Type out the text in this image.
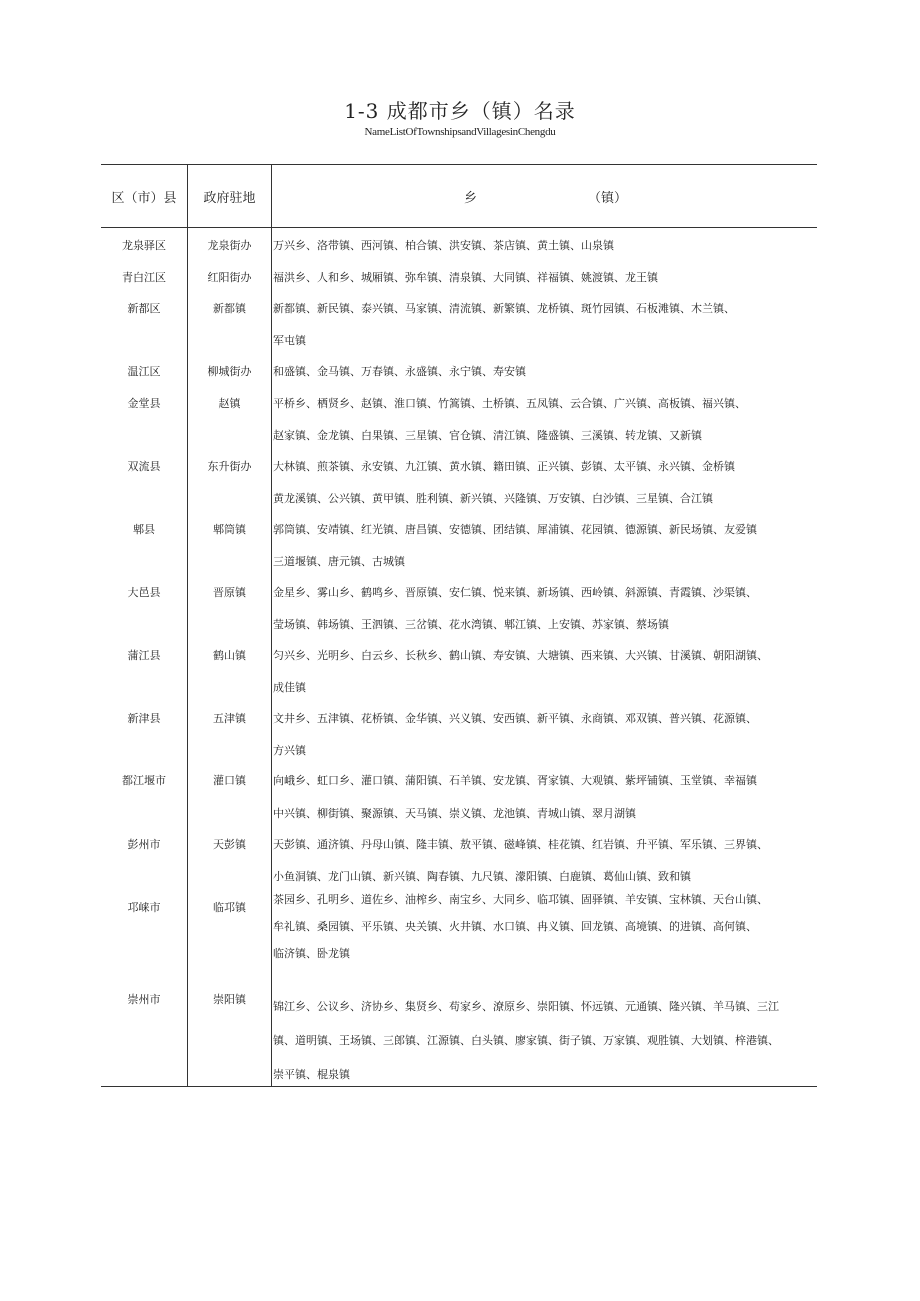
1-3 成都市乡（镇）名录
NameListOfTownshipsandVillagesinChengdu
区（市）县	政府驻地	乡	（镇）
龙泉驿区	龙泉街办	万兴乡、洛带镇、西河镇、柏合镇、洪安镇、茶店镇、黄土镇、山泉镇
青白江区	红阳街办	福洪乡、人和乡、城厢镇、弥牟镇、清泉镇、大同镇、祥福镇、姚渡镇、龙王镇
新都区	新都镇	新都镇、新民镇、泰兴镇、马家镇、清流镇、新繁镇、龙桥镇、斑竹园镇、石板滩镇、木兰镇、
军屯镇
温江区	柳城街办	和盛镇、金马镇、万春镇、永盛镇、永宁镇、寿安镇
金堂县	赵镇	平桥乡、栖贤乡、赵镇、淮口镇、竹篙镇、土桥镇、五凤镇、云合镇、广兴镇、高板镇、福兴镇、
赵家镇、金龙镇、白果镇、三星镇、官仓镇、清江镇、隆盛镇、三溪镇、转龙镇、又新镇
双流县	东升街办	大林镇、煎茶镇、永安镇、九江镇、黄水镇、籍田镇、正兴镇、彭镇、太平镇、永兴镇、金桥镇
黄龙溪镇、公兴镇、黄甲镇、胜利镇、新兴镇、兴隆镇、万安镇、白沙镇、三星镇、合江镇
郫县	郫筒镇	郭筒镇、安靖镇、红光镇、唐昌镇、安德镇、团结镇、犀浦镇、花园镇、德源镇、新民场镇、友爱镇
三道堰镇、唐元镇、古城镇
大邑县	晋原镇	金星乡、雾山乡、鹤鸣乡、晋原镇、安仁镇、悦来镇、新场镇、西岭镇、斜源镇、青霞镇、沙渠镇、
莹场镇、韩场镇、王泗镇、三岔镇、花水湾镇、郫江镇、上安镇、苏家镇、蔡场镇
蒲江县	鹤山镇	匀兴乡、光明乡、白云乡、长秋乡、鹤山镇、寿安镇、大塘镇、西来镇、大兴镇、甘溪镇、朝阳湖镇、
成佳镇
新津县	五津镇	文井乡、五津镇、花桥镇、金华镇、兴义镇、安西镇、新平镇、永商镇、邓双镇、普兴镇、花源镇、
方兴镇
都江堰市	灌口镇	向峨乡、虹口乡、灌口镇、蒲阳镇、石羊镇、安龙镇、胥家镇、大观镇、紫坪铺镇、玉堂镇、幸福镇
中兴镇、柳街镇、聚源镇、天马镇、崇义镇、龙池镇、青城山镇、翠月湖镇
彭州市	天彭镇	天彭镇、通济镇、丹母山镇、隆丰镇、敖平镇、磁峰镇、桂花镇、红岩镇、升平镇、军乐镇、三界镇、
小鱼洞镇、龙门山镇、新兴镇、陶春镇、九尺镇、濛阳镇、白鹿镇、葛仙山镇、致和镇
邛崃市	临邛镇
茶园乡、孔明乡、道佐乡、油榨乡、南宝乡、大同乡、临邛镇、固驿镇、羊安镇、宝林镇、天台山镇、
牟礼镇、桑园镇、平乐镇、央关镇、火井镇、水口镇、冉义镇、回龙镇、高境镇、的进镇、高何镇、
临济镇、卧龙镇
崇州市	崇阳镇
锦江乡、公议乡、济协乡、集贤乡、苟家乡、潦原乡、崇阳镇、怀远镇、元通镇、隆兴镇、羊马镇、三江
镇、道明镇、王场镇、三郎镇、江源镇、白头镇、廖家镇、街子镇、万家镇、观胜镇、大划镇、梓港镇、
崇平镇、棍泉镇
